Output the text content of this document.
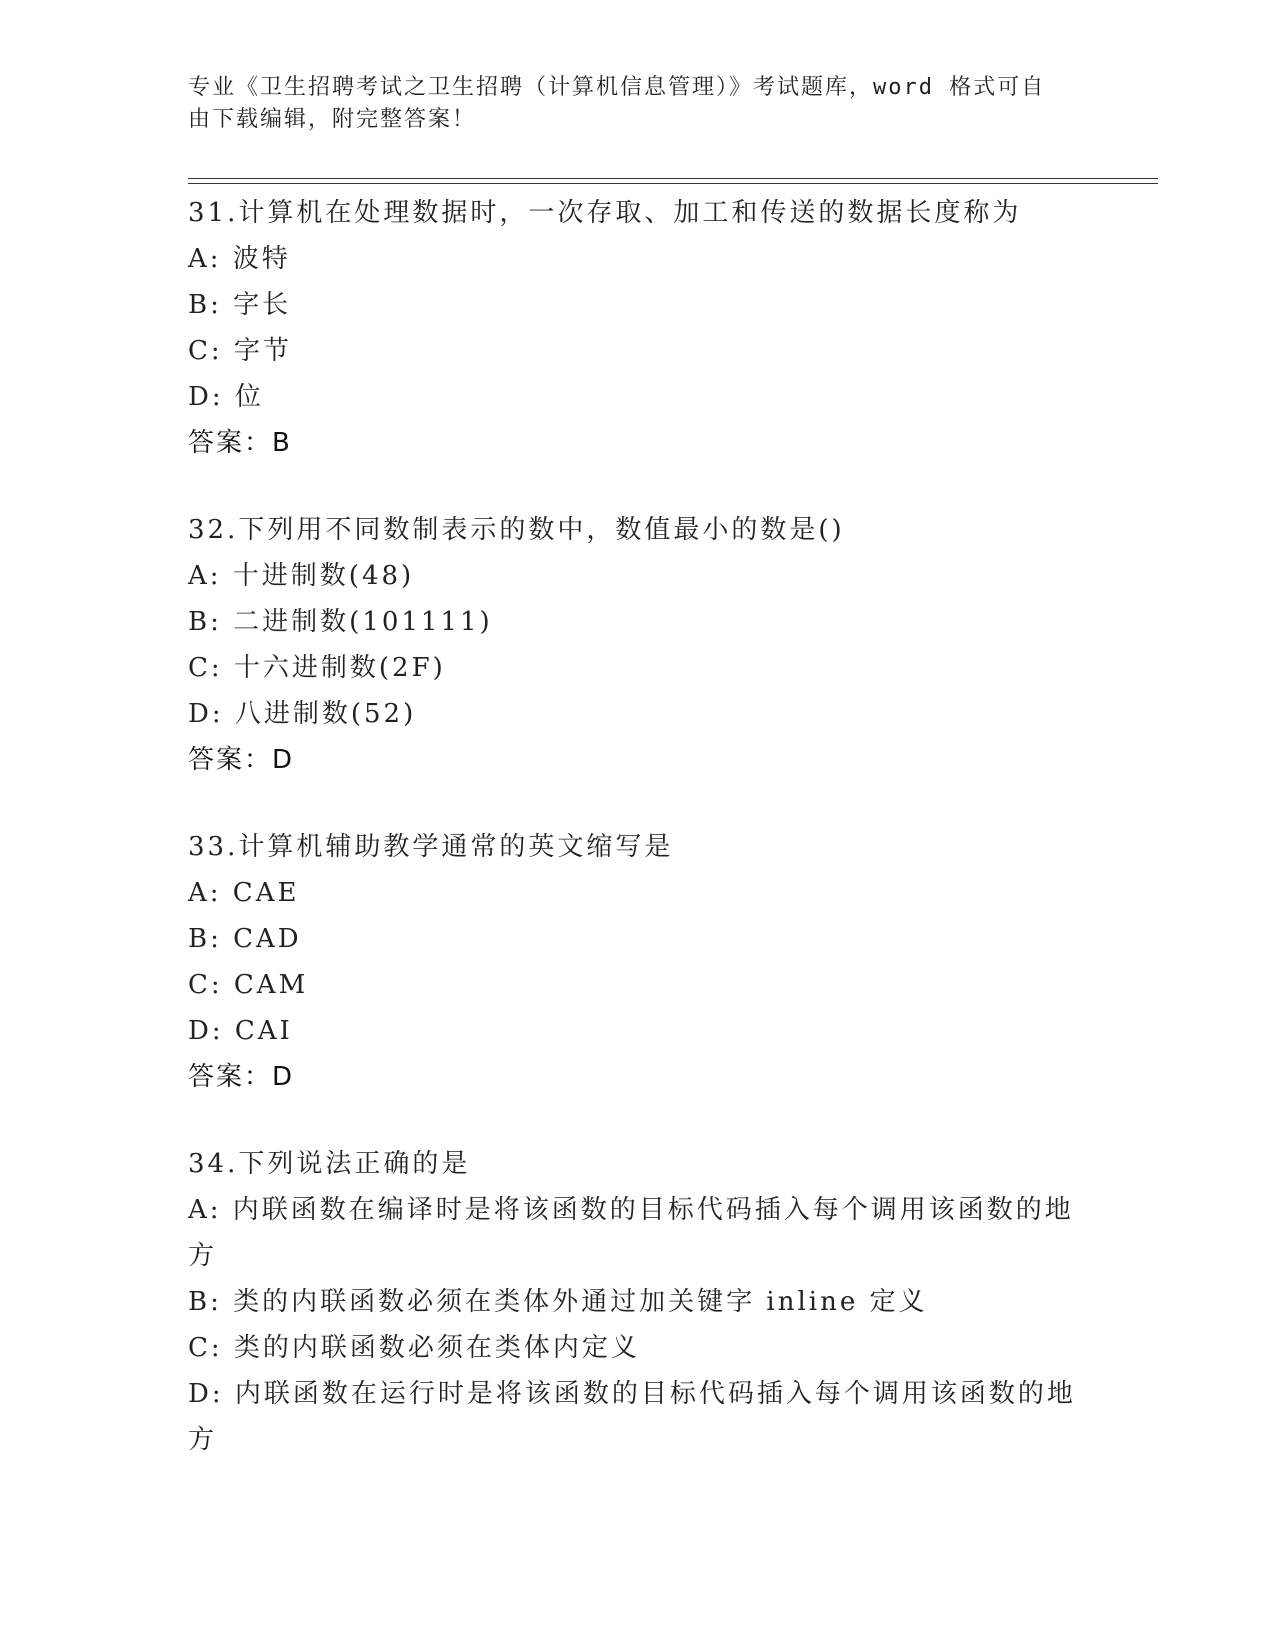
专业《卫生招聘考试之卫生招聘（计算机信息管理）》考试题库，word 格式可自由下载编辑，附完整答案！
31.计算机在处理数据时，一次存取、加工和传送的数据长度称为
A: 波特
B: 字长
C: 字节
D: 位
答案：B
32.下列用不同数制表示的数中，数值最小的数是()
A: 十进制数(48)
B: 二进制数(101111)
C: 十六进制数(2F)
D: 八进制数(52)
答案：D
33.计算机辅助教学通常的英文缩写是
A: CAE
B: CAD
C: CAM
D: CAI
答案：D
34.下列说法正确的是
A: 内联函数在编译时是将该函数的目标代码插入每个调用该函数的地方
B: 类的内联函数必须在类体外通过加关键字 inline 定义
C: 类的内联函数必须在类体内定义
D: 内联函数在运行时是将该函数的目标代码插入每个调用该函数的地方
